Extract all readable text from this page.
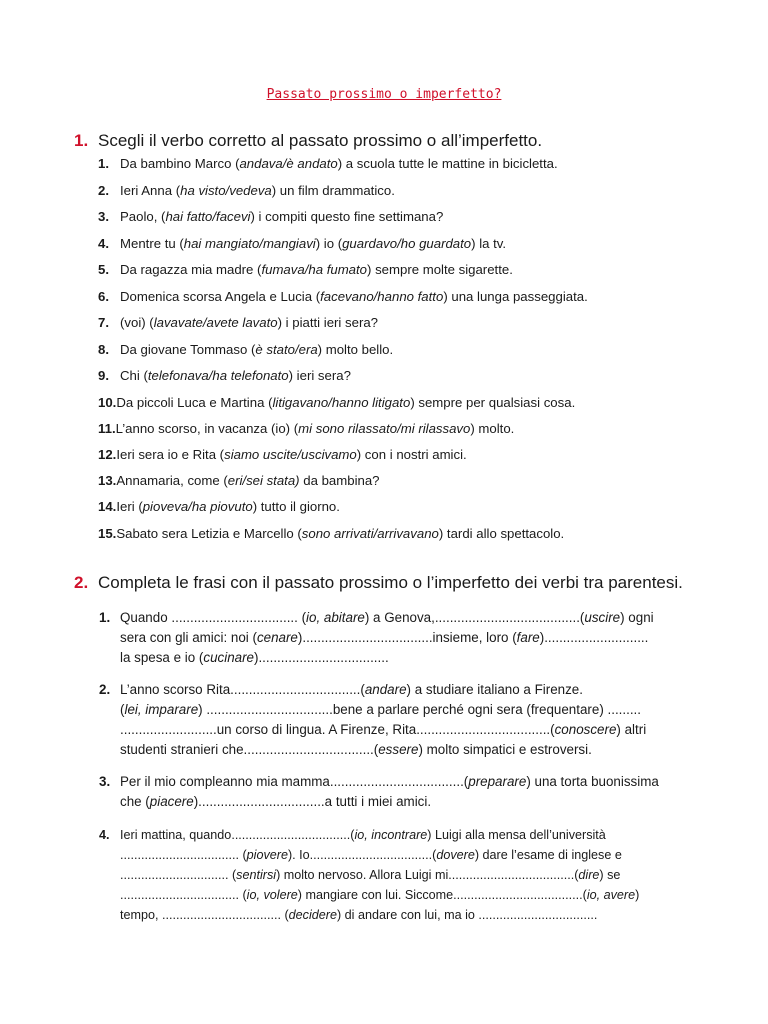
Passato prossimo o imperfetto?
1. Scegli il verbo corretto al passato prossimo o all’imperfetto.
1. Da bambino Marco (andava/è andato) a scuola tutte le mattine in bicicletta.
2. Ieri Anna (ha visto/vedeva) un film drammatico.
3. Paolo, (hai fatto/facevi) i compiti questo fine settimana?
4. Mentre tu (hai mangiato/mangiavi) io (guardavo/ho guardato) la tv.
5. Da ragazza mia madre (fumava/ha fumato) sempre molte sigarette.
6. Domenica scorsa Angela e Lucia (facevano/hanno fatto) una lunga passeggiata.
7. (voi) (lavavate/avete lavato) i piatti ieri sera?
8. Da giovane Tommaso (è stato/era) molto bello.
9. Chi (telefonava/ha telefonato) ieri sera?
10.Da piccoli Luca e Martina (litigavano/hanno litigato) sempre per qualsiasi cosa.
11.L’anno scorso, in vacanza (io) (mi sono rilassato/mi rilassavo) molto.
12.Ieri sera io e Rita (siamo uscite/uscivamo) con i nostri amici.
13.Annamaria, come (eri/sei stata) da bambina?
14.Ieri (pioveva/ha piovuto) tutto il giorno.
15.Sabato sera Letizia e Marcello (sono arrivati/arrivavano) tardi allo spettacolo.
2. Completa le frasi con il passato prossimo o l’imperfetto dei verbi tra parentesi.
1. Quando .................................. (io, abitare) a Genova,.......................................(uscire) ogni
sera con gli amici: noi (cenare)...................................insieme, loro (fare)............................
la spesa e io (cucinare)...................................
2. L’anno scorso Rita...................................(andare) a studiare italiano a Firenze.
(lei, imparare) ..................................bene a parlare perché ogni sera (frequentare) .........
..........................un corso di lingua. A Firenze, Rita....................................(conoscere) altri
studenti stranieri che...................................(essere) molto simpatici e estroversi.
3. Per il mio compleanno mia mamma....................................(preparare) una torta buonissima
che (piacere)..................................a tutti i miei amici.
4. Ieri mattina, quando..................................(io, incontrare) Luigi alla mensa dell’università
.................................. (piovere). Io...................................(dovere) dare l’esame di inglese e
............................... (sentirsi) molto nervoso. Allora Luigi mi....................................(dire) se
.................................. (io, volere) mangiare con lui. Siccome.....................................(io, avere)
tempo, .................................. (decidere) di andare con lui, ma io ..................................
